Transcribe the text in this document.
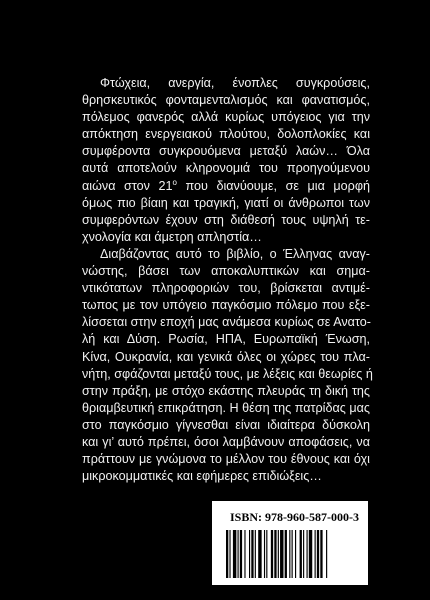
Φτώχεια, ανεργία, ένοπλες συγκρούσεις,
θρησκευτικός φονταμενταλισμός και φανατισμός,
πόλεμος φανερός αλλά κυρίως υπόγειος για την
απόκτηση ενεργειακού πλούτου, δολοπλοκίες και
συμφέροντα συγκρουόμενα μεταξύ λαών… Όλα
αυτά αποτελούν κληρονομιά του προηγούμενου
αιώνα στον $21^o$ που διανύουμε, σε μια μορφή
όμως πιο βίαιη και τραγική, γιατί οι άνθρωποι των
συμφερόντων έχουν στη διάθεσή τους υψηλή τε-
χνολογία και άμετρη απληστία…

Διαβάζοντας αυτό το βιβλίο, ο Έλληνας αναγ-
νώστης, βάσει των αποκαλυπτικών και σημα-
ντικότατων πληροφοριών του, βρίσκεται αντιμέ-
τωπος με τον υπόγειο παγκόσμιο πόλεμο που εξε-
λίσσεται στην εποχή μας ανάμεσα κυρίως σε Ανατο-
λή και Δύση. Ρωσία, ΗΠΑ, Ευρωπαϊκή Ένωση,
Κίνα, Ουκρανία, και γενικά όλες οι χώρες του πλα-
νήτη, σφάζονται μεταξύ τους, με λέξεις και θεωρίες ή
στην πράξη, με στόχο εκάστης πλευράς τη δική της
θριαμβευτική επικράτηση. Η θέση της πατρίδας μας
στο παγκόσμιο γίγνεσθαι είναι ιδιαίτερα δύσκολη
και γι’ αυτό πρέπει, όσοι λαμβάνουν αποφάσεις, να
πράττουν με γνώμονα το μέλλον του έθνους και όχι
μικροκομματικές και εφήμερες επιδιώξεις…

ISBN: 978-960-587-000-3
